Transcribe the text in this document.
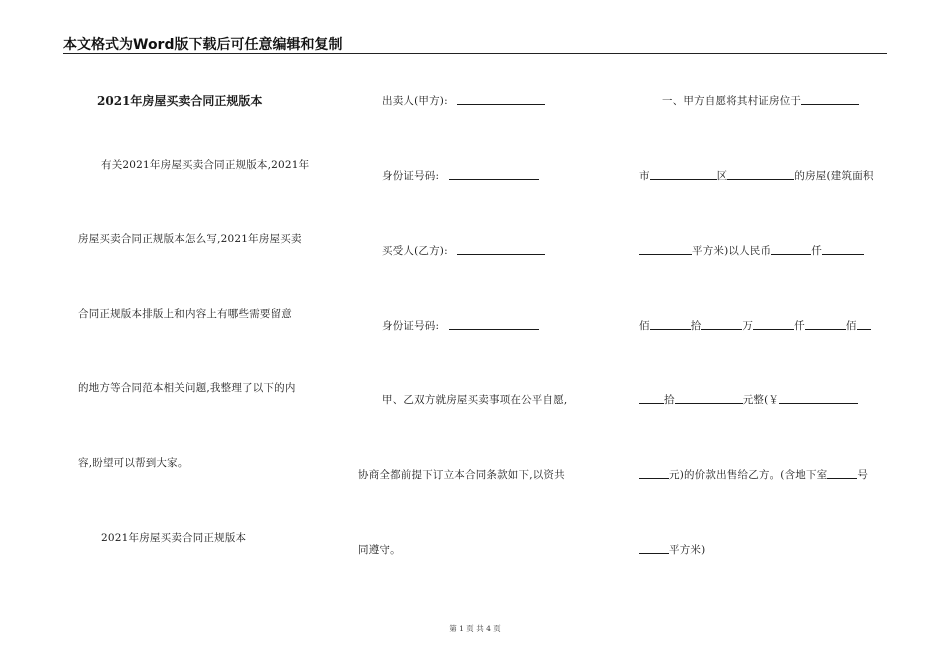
本文格式为Word版下载后可任意编辑和复制
2021年房屋买卖合同正规版本
有关2021年房屋买卖合同正规版本,2021年
房屋买卖合同正规版本怎么写,2021年房屋买卖
合同正规版本排版上和内容上有哪些需要留意
的地方等合同范本相关问题,我整理了以下的内
容,盼望可以帮到大家。
2021年房屋买卖合同正规版本
出卖人(甲方):
身份证号码:
买受人(乙方):
身份证号码:
甲、乙双方就房屋买卖事项在公平自愿,
协商全都前提下订立本合同条款如下,以资共
同遵守。
一、甲方自愿将其村证房位于
市	区	的房屋(建筑面积
平方米)以人民币	仟
佰	拾	万	仟	佰
拾	元整(￥
元)的价款出售给乙方。(含地下室	号
平方米)
第 1 页 共 4 页
